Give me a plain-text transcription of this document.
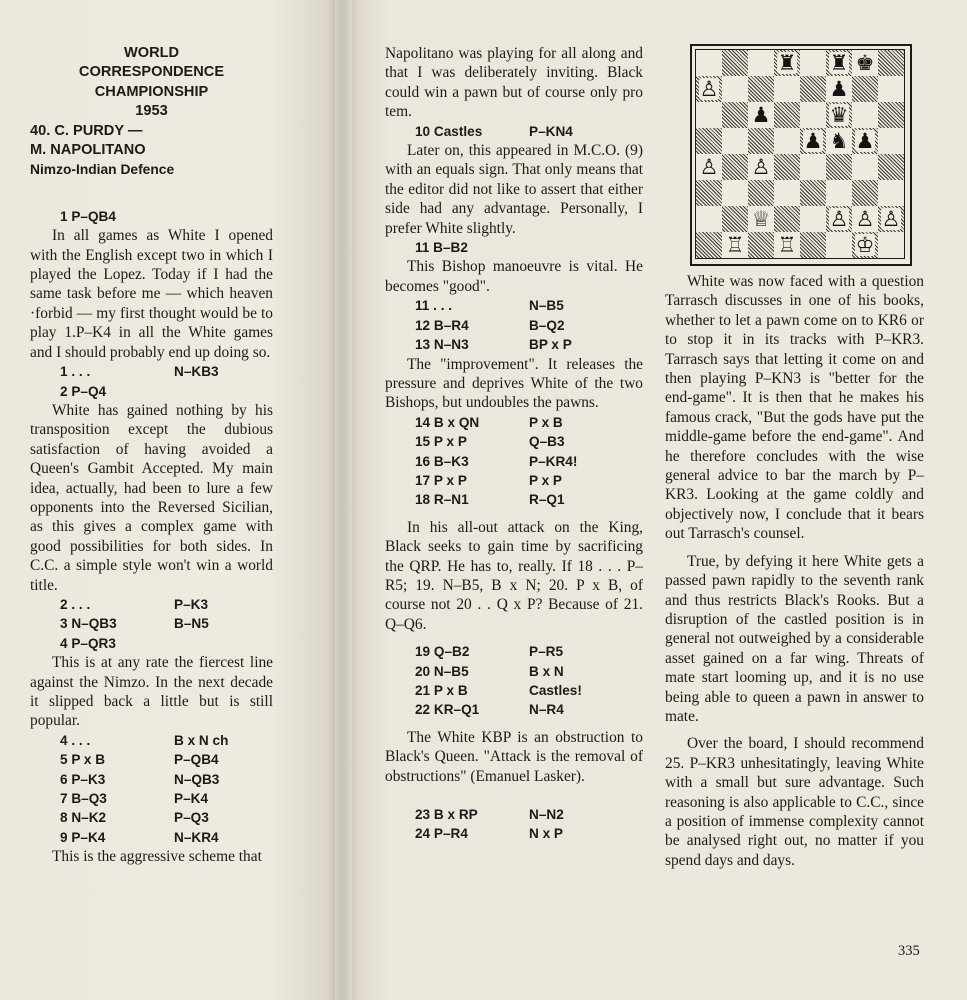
WORLD
CORRESPONDENCE
CHAMPIONSHIP
1953
40. C. PURDY —
M. NAPOLITANO
Nimzo-Indian Defence
1 P–QB4

In all games as White I opened with the English except two in which I played the Lopez. Today if I had the same task before me — which heaven ·forbid — my first thought would be to play 1.P–K4 in all the White games and I should probably end up doing so.

1 . . .	N–KB3
2 P–Q4

White has gained nothing by his transposition except the dubious satisfaction of having avoided a Queen's Gambit Accepted. My main idea, actually, had been to lure a few opponents into the Reversed Sicilian, as this gives a complex game with good possibilities for both sides. In C.C. a simple style won't win a world title.

2 . . .	P–K3
3 N–QB3	B–N5
4 P–QR3

This is at any rate the fiercest line against the Nimzo. In the next decade it slipped back a little but is still popular.

4 . . .	B x N ch
5 P x B	P–QB4
6 P–K3	N–QB3
7 B–Q3	P–K4
8 N–K2	P–Q3
9 P–K4	N–KR4

This is the aggressive scheme that

Napolitano was playing for all along and that I was deliberately inviting. Black could win a pawn but of course only pro tem.

10 Castles	P–KN4

Later on, this appeared in M.C.O. (9) with an equals sign. That only means that the editor did not like to assert that either side had any advantage. Personally, I prefer White slightly.

11 B–B2

This Bishop manoeuvre is vital. He becomes "good".

11 . . .	N–B5
12 B–R4	B–Q2
13 N–N3	BP x P

The "improvement". It releases the pressure and deprives White of the two Bishops, but undoubles the pawns.

14 B x QN	P x B
15 P x P	Q–B3
16 B–K3	P–KR4!
17 P x P	P x P
18 R–N1	R–Q1

In his all-out attack on the King, Black seeks to gain time by sacrificing the QRP. He has to, really. If 18 . . . P–R5; 19. N–B5, B x N; 20. P x B, of course not 20 . . Q x P? Because of 21. Q–Q6.

19 Q–B2	P–R5
20 N–B5	B x N
21 P x B	Castles!
22 KR–Q1	N–R4

The White KBP is an obstruction to Black's Queen. "Attack is the removal of obstructions" (Emanuel Lasker).

23 B x RP	N–N2
24 P–R4	N x P
♜ ♜ ♚
♙	♟
♟	♛
♟ ♞ ♟
♙ ♙
♕	♙ ♙ ♙
♖ ♖	♔

White was now faced with a question Tarrasch discusses in one of his books, whether to let a pawn come on to KR6 or to stop it in its tracks with P–KR3. Tarrasch says that letting it come on and then playing P–KN3 is "better for the end-game". It is then that he makes his famous crack, "But the gods have put the middle-game before the end-game". And he therefore concludes with the wise general advice to bar the march by P–KR3. Looking at the game coldly and objectively now, I conclude that it bears out Tarrasch's counsel.

True, by defying it here White gets a passed pawn rapidly to the seventh rank and thus restricts Black's Rooks. But a disruption of the castled position is in general not outweighed by a considerable asset gained on a far wing. Threats of mate start looming up, and it is no use being able to queen a pawn in answer to mate.

Over the board, I should recommend 25. P–KR3 unhesitatingly, leaving White with a small but sure advantage. Such reasoning is also applicable to C.C., since a position of immense complexity cannot be analysed right out, no matter if you spend days and days.

335
